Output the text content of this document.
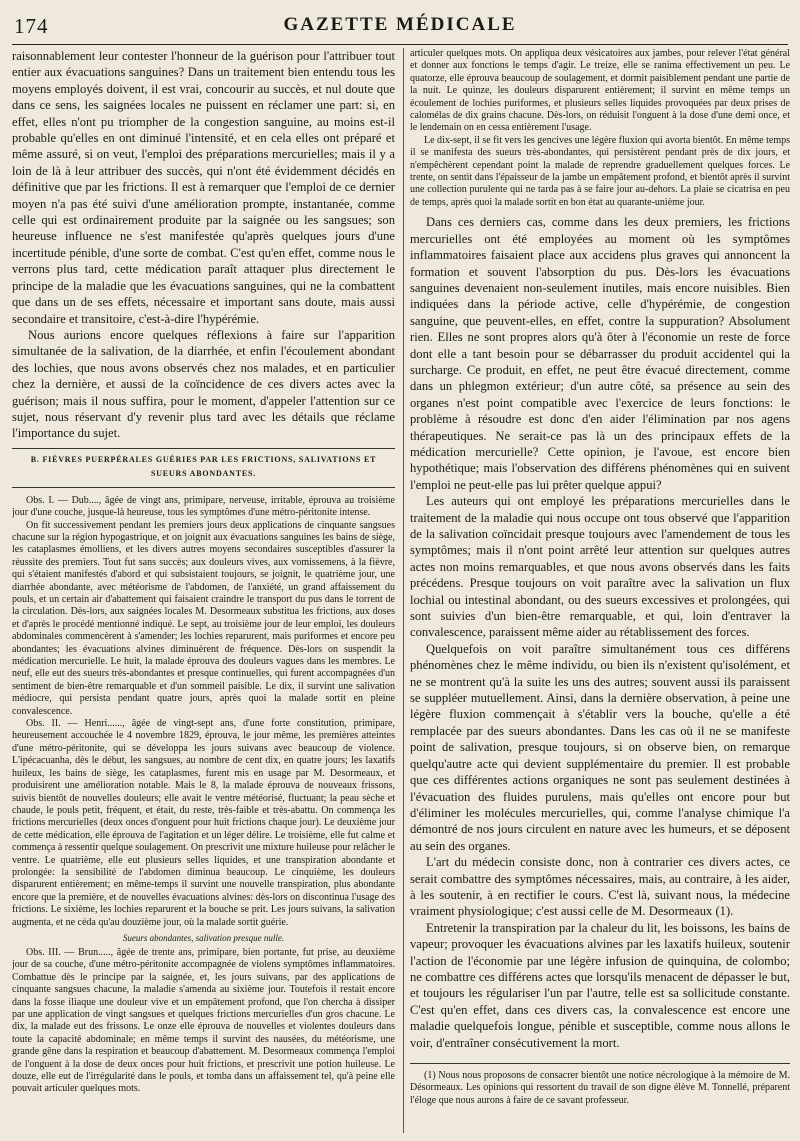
174	GAZETTE MÉDICALE

raisonnablement leur contester l'honneur de la guérison pour l'attribuer tout entier aux évacuations sanguines? Dans un traitement bien entendu tous les moyens employés doivent, il est vrai, concourir au succès, et nul doute que dans ce sens, les saignées locales ne puissent en réclamer une part: si, en effet, elles n'ont pu triompher de la congestion sanguine, au moins est-il probable qu'elles en ont diminué l'intensité, et en cela elles ont préparé et même assuré, si on veut, l'emploi des préparations mercurielles; mais il y a loin de là à leur attribuer des succès, qui n'ont été évidemment décidés en définitive que par les frictions. Il est à remarquer que l'emploi de ce dernier moyen n'a pas été suivi d'une amélioration prompte, instantanée, comme celle qui est ordinairement produite par la saignée ou les sangsues; son heureuse influence ne s'est manifestée qu'après quelques jours d'une incertitude pénible, d'une sorte de combat. C'est qu'en effet, comme nous le verrons plus tard, cette médication paraît attaquer plus directement le principe de la maladie que les évacuations sanguines, qui ne la combattent que dans un de ses effets, nécessaire et important sans doute, mais aussi secondaire et transitoire, c'est-à-dire l'hypérémie.

Nous aurions encore quelques réflexions à faire sur l'apparition simultanée de la salivation, de la diarrhée, et enfin l'écoulement abondant des lochies, que nous avons observés chez nos malades, et en particulier chez la dernière, et aussi de la coïncidence de ces divers actes avec la guérison; mais il nous suffira, pour le moment, d'appeler l'attention sur ce sujet, nous réservant d'y revenir plus tard avec les détails que réclame l'importance du sujet.

B. FIÈVRES PUERPÉRALES GUÉRIES PAR LES FRICTIONS, SALIVATIONS ET SUEURS ABONDANTES.

Obs. I. — Dub...., âgée de vingt ans, primipare, nerveuse, irritable, éprouva au troisième jour d'une couche, jusque-là heureuse, tous les symptômes d'une métro-péritonite intense.

On fit successivement pendant les premiers jours deux applications de cinquante sangsues chacune sur la région hypogastrique, et on joignit aux évacuations sanguines les bains de siège, les cataplasmes émolliens, et les divers autres moyens secondaires susceptibles d'assurer la réussite des premiers. Tout fut sans succès; aux douleurs vives, aux vomissemens, à la fièvre, qui s'étaient manifestés d'abord et qui subsistaient toujours, se joignit, le quatrième jour, une diarrhée abondante, avec météorisme de l'abdomen, de l'anxiété, un grand affaissement du pouls, et un certain air d'abattement qui faisaient craindre le transport du pus dans le torrent de la circulation. Dès-lors, aux saignées locales M. Desormeaux substitua les frictions, aux doses et d'après le procédé mentionné indiqué. Le sept, au troisième jour de leur emploi, les douleurs abdominales commencèrent à s'amender; les lochies reparurent, mais puriformes et encore peu abondantes; les évacuations alvines diminuèrent de fréquence. Dès-lors on suspendit la médication mercurielle. Le huit, la malade éprouva des douleurs vagues dans les membres. Le neuf, elle eut des sueurs très-abondantes et presque continuelles, qui furent accompagnées d'un sentiment de bien-être remarquable et d'un sommeil paisible. Le dix, il survint une salivation médiocre, qui persista pendant quatre jours, après quoi la malade sortit en pleine convalescence.

Obs. II. — Henri......, âgée de vingt-sept ans, d'une forte constitution, primipare, heureusement accouchée le 4 novembre 1829, éprouva, le jour même, les premières atteintes d'une métro-péritonite, qui se développa les jours suivans avec beaucoup de violence. L'ipécacuanha, dès le début, les sangsues, au nombre de cent dix, en quatre jours; les laxatifs huileux, les bains de siège, les cataplasmes, furent mis en usage par M. Desormeaux, et produisirent une amélioration notable. Mais le 8, la malade éprouva de nouveaux frissons, suivis bientôt de nouvelles douleurs; elle avait le ventre météorisé, fluctuant; la peau sèche et chaude, le pouls petit, fréquent, et était, du reste, très-faible et très-abattu. On commença les frictions mercurielles (deux onces d'onguent pour huit frictions chaque jour). Le deuxième jour de cette médication, elle éprouva de l'agitation et un léger délire. Le troisième, elle fut calme et commença à ressentir quelque soulagement. On prescrivit une mixture huileuse pour relâcher le ventre. Le quatrième, elle eut plusieurs selles liquides, et une transpiration abondante et prolongée: la sensibilité de l'abdomen diminua beaucoup. Le cinquième, les douleurs disparurent entièrement; en même-temps il survint une nouvelle transpiration, plus abondante encore que la première, et de nouvelles évacuations alvines: dès-lors on discontinua l'usage des frictions. Le sixième, les lochies reparurent et la bouche se prit. Les jours suivans, la salivation augmenta, et ne céda qu'au douzième jour, où la malade sortit guérie.

Sueurs abondantes, salivation presque nulle.

Obs. III. — Brun....., âgée de trente ans, primipare, bien portante, fut prise, au deuxième jour de sa couche, d'une métro-péritonite accompagnée de violens symptômes inflammatoires. Combattue dès le principe par la saignée, et, les jours suivans, par des applications de cinquante sangsues chacune, la maladie s'amenda au sixième jour. Toutefois il restait encore dans la fosse iliaque une douleur vive et un empâtement profond, que l'on chercha à dissiper par une application de vingt sangsues et quelques frictions mercurielles d'un gros chacune. Le dix, la malade eut des frissons. Le onze elle éprouva de nouvelles et violentes douleurs dans toute la capacité abdominale; en même temps il survint des nausées, du météorisme, une grande gêne dans la respiration et beaucoup d'abattement. M. Desormeaux commença l'emploi de l'onguent à la dose de deux onces pour huit frictions, et prescrivit une potion huileuse. Le douze, elle eut de l'irrégularité dans le pouls, et tomba dans un affaissement tel, qu'à peine elle pouvait articuler quelques mots.

articuler quelques mots. On appliqua deux vésicatoires aux jambes, pour relever l'état général et donner aux fonctions le temps d'agir. Le treize, elle se ranima effectivement un peu. Le quatorze, elle éprouva beaucoup de soulagement, et dormit paisiblement pendant une partie de la nuit. Le quinze, les douleurs disparurent entièrement; il survint en même temps un écoulement de lochies puriformes, et plusieurs selles liquides provoquées par deux prises de calomélas de dix grains chacune. Dès-lors, on réduisit l'onguent à la dose d'une demi once, et le lendemain on en cessa entièrement l'usage.

Le dix-sept, il se fit vers les gencives une légère fluxion qui avorta bientôt. En même temps il se manifesta des sueurs très-abondantes, qui persistèrent pendant près de dix jours, et n'empêchèrent cependant point la malade de reprendre graduellement quelques forces. Le trente, on sentit dans l'épaisseur de la jambe un empâtement profond, et bientôt après il survint une collection purulente qui ne tarda pas à se faire jour au-dehors. La plaie se cicatrisa en peu de temps, après quoi la malade sortit en bon état au quarante-unième jour.

Dans ces derniers cas, comme dans les deux premiers, les frictions mercurielles ont été employées au moment où les symptômes inflammatoires faisaient place aux accidens plus graves qui annoncent la formation et souvent l'absorption du pus. Dès-lors les évacuations sanguines devenaient non-seulement inutiles, mais encore nuisibles. Bien indiquées dans la période active, celle d'hypérémie, de congestion sanguine, que peuvent-elles, en effet, contre la suppuration? Absolument rien. Elles ne sont propres alors qu'à ôter à l'économie un reste de force dont elle a tant besoin pour se débarrasser du produit accidentel qui la surcharge. Ce produit, en effet, ne peut être évacué directement, comme dans un phlegmon extérieur; d'un autre côté, sa présence au sein des organes n'est point compatible avec l'exercice de leurs fonctions: le problème à résoudre est donc d'en aider l'élimination par nos agens thérapeutiques. Ne serait-ce pas là un des principaux effets de la médication mercurielle? Cette opinion, je l'avoue, est encore bien hypothétique; mais l'observation des différens phénomènes qui en suivent l'emploi ne peut-elle pas lui prêter quelque appui?

Les auteurs qui ont employé les préparations mercurielles dans le traitement de la maladie qui nous occupe ont tous observé que l'apparition de la salivation coïncidait presque toujours avec l'amendement de tous les symptômes; mais il n'ont point arrêté leur attention sur quelques autres actes non moins remarquables, et que nous avons observés dans les faits précédens. Presque toujours on voit paraître avec la salivation un flux lochial ou intestinal abondant, ou des sueurs excessives et prolongées, qui sont suivies d'un bien-être remarquable, et qui, loin d'entraver la convalescence, paraissent même aider au rétablissement des forces.

Quelquefois on voit paraître simultanément tous ces différens phénomènes chez le même individu, ou bien ils n'existent qu'isolément, et ne se montrent qu'à la suite les uns des autres; souvent aussi ils paraissent se suppléer mutuellement. Ainsi, dans la dernière observation, à peine une légère fluxion commençait à s'établir vers la bouche, qu'elle a été remplacée par des sueurs abondantes. Dans les cas où il ne se manifeste point de salivation, presque toujours, si on observe bien, on remarque quelqu'autre acte qui devient supplémentaire du premier. Il est probable que ces différentes actions organiques ne sont pas seulement destinées à l'évacuation des fluides purulens, mais qu'elles ont encore pour but d'éliminer les molécules mercurielles, qui, comme l'analyse chimique l'a démontré de nos jours circulent en nature avec les humeurs, et se déposent au sein des organes.

L'art du médecin consiste donc, non à contrarier ces divers actes, ce serait combattre des symptômes nécessaires, mais, au contraire, à les aider, à les soutenir, à en rectifier le cours. C'est là, suivant nous, la médecine vraiment physiologique; c'est aussi celle de M. Desormeaux (1).

Entretenir la transpiration par la chaleur du lit, les boissons, les bains de vapeur; provoquer les évacuations alvines par les laxatifs huileux, soutenir l'action de l'économie par une légère infusion de quinquina, de colombo; ne combattre ces différens actes que lorsqu'ils menacent de dépasser le but, et toujours les régulariser l'un par l'autre, telle est sa sollicitude constante. C'est qu'en effet, dans ces divers cas, la convalescence est encore une maladie quelquefois longue, pénible et susceptible, comme nous allons le voir, d'entraîner consécutivement la mort.

(1) Nous nous proposons de consacrer bientôt une notice nécrologique à la mémoire de M. Désormeaux. Les opinions qui ressortent du travail de son digne élève M. Tonnellé, préparent l'éloge que nous aurons à faire de ce savant professeur.
